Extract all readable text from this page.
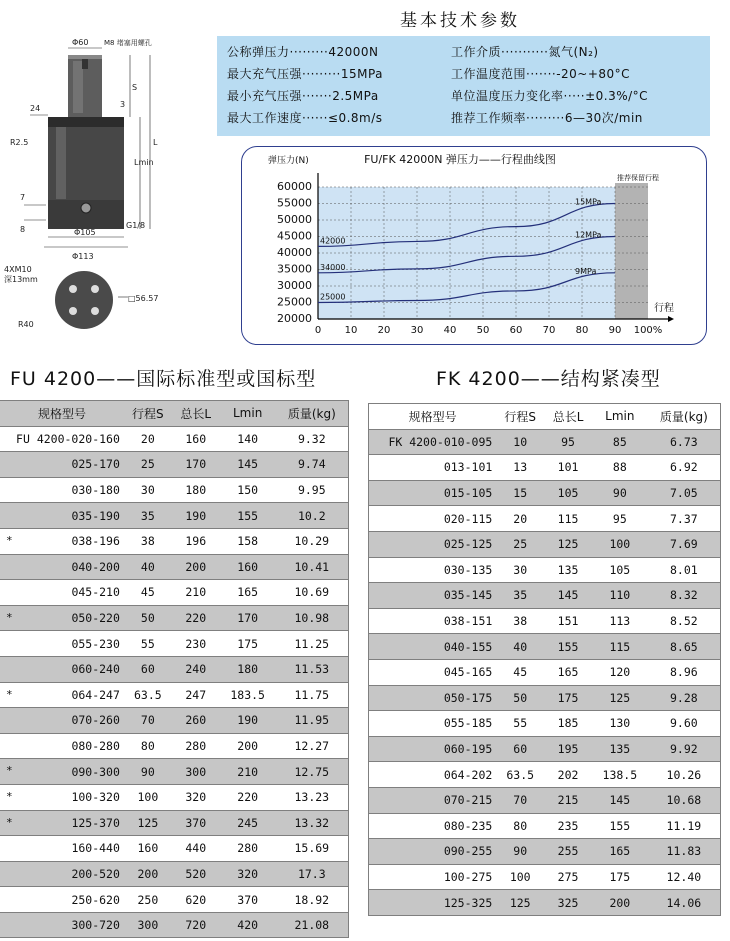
Φ60 M8 堵塞用螺孔
24
S
3
L
R2.5
Lmin
7
8	G1/8
Φ105
Φ113
4XM10
深13mm
□56.57
R40
基本技术参数
公称弹压力·········42000N
最大充气压强·········15MPa
最小充气压强·······2.5MPa
最大工作速度······≤0.8m/s
工作介质···········氮气(N₂)
工作温度范围·······-20~+80°C
单位温度压力变化率·····±0.3%/°C
推荐工作频率·········6—30次/min
推荐保留行程
20000
25000
30000
35000
40000
45000
50000
55000
60000
0 10 20 30 40 50 60 70 80 90 100%
弹压力(N)
行程
FU/FK 42000N 弹压力——行程曲线图
15MPa
42000
12MPa
34000	9MPa
25000
FU 4200——国际标准型或国标型
规格型号	行程S	总长L	Lmin	质量(kg)
FU 4200-020-160	20	160	140	9.32
025-170	25	170	145	9.74
030-180	30	180	150	9.95
035-190	35	190	155	10.2

* 038-196	38	196	158	10.29
040-200	40	200	160	10.41
045-210	45	210	165	10.69

* 050-220	50	220	170	10.98
055-230	55	230	175	11.25
060-240	60	240	180	11.53

* 064-247	63.5	247	183.5	11.75
070-260	70	260	190	11.95
080-280	80	280	200	12.27

* 090-300	90	300	210	12.75

* 100-320	100	320	220	13.23

* 125-370	125	370	245	13.32
160-440	160	440	280	15.69
200-520	200	520	320	17.3
250-620	250	620	370	18.92
300-720	300	720	420	21.08
FK 4200——结构紧凑型
规格型号	行程S	总长L	Lmin	质量(kg)
FK 4200-010-095	10	95	85	6.73
013-101	13	101	88	6.92
015-105	15	105	90	7.05
020-115	20	115	95	7.37
025-125	25	125	100	7.69
030-135	30	135	105	8.01
035-145	35	145	110	8.32
038-151	38	151	113	8.52
040-155	40	155	115	8.65
045-165	45	165	120	8.96
050-175	50	175	125	9.28
055-185	55	185	130	9.60
060-195	60	195	135	9.92
064-202	63.5	202	138.5	10.26
070-215	70	215	145	10.68
080-235	80	235	155	11.19
090-255	90	255	165	11.83
100-275	100	275	175	12.40
125-325	125	325	200	14.06
